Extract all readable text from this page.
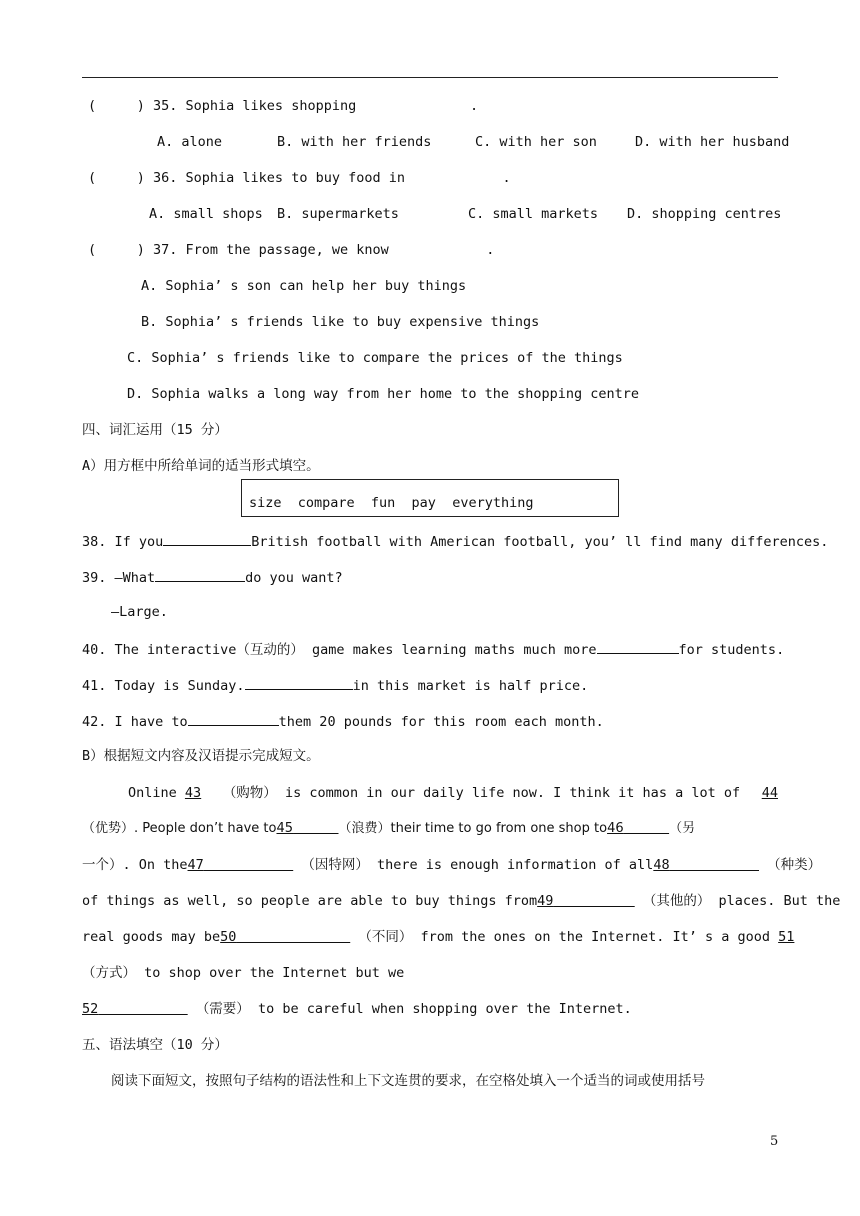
(     ) 35. Sophia likes shopping              .
A. alone	B. with her friends	C. with her son	D. with her husband
(     ) 36. Sophia likes to buy food in            .
A. small shops B. supermarkets	C. small markets D. shopping centres
(     ) 37. From the passage, we know            .
A. Sophia’ s son can help her buy things
B. Sophia’ s friends like to buy expensive things
C. Sophia’ s friends like to compare the prices of the things
D. Sophia walks a long way from her home to the shopping centre
四、词汇运用（15 分）
A）用方框中所给单词的适当形式填空。
size  compare  fun  pay  everything
38. If you	British football with American football, you’ ll find many differences.
39. —What	do you want?
—Large.
40. The interactive（互动的） game makes learning maths much more	for students.
41. Today is Sunday.	in this market is half price.
42. I have to	them 20 pounds for this room each month.
B）根据短文内容及汉语提示完成短文。
Online 43 （购物） is common in our daily life now. I think it has a lot of 44
（优势）. People don’t have to45	（浪费）their time to go from one shop to46	（另
一个）. On the47	（因特网） there is enough information of all48	（种类）
of things as well, so people are able to buy things from49	（其他的） places. But the
real goods may be50	（不同） from the ones on the Internet. It’ s a good 51
（方式） to shop over the Internet but we
52	（需要） to be careful when shopping over the Internet.
五、语法填空（10 分）
阅读下面短文，按照句子结构的语法性和上下文连贯的要求，在空格处填入一个适当的词或使用括号
5
